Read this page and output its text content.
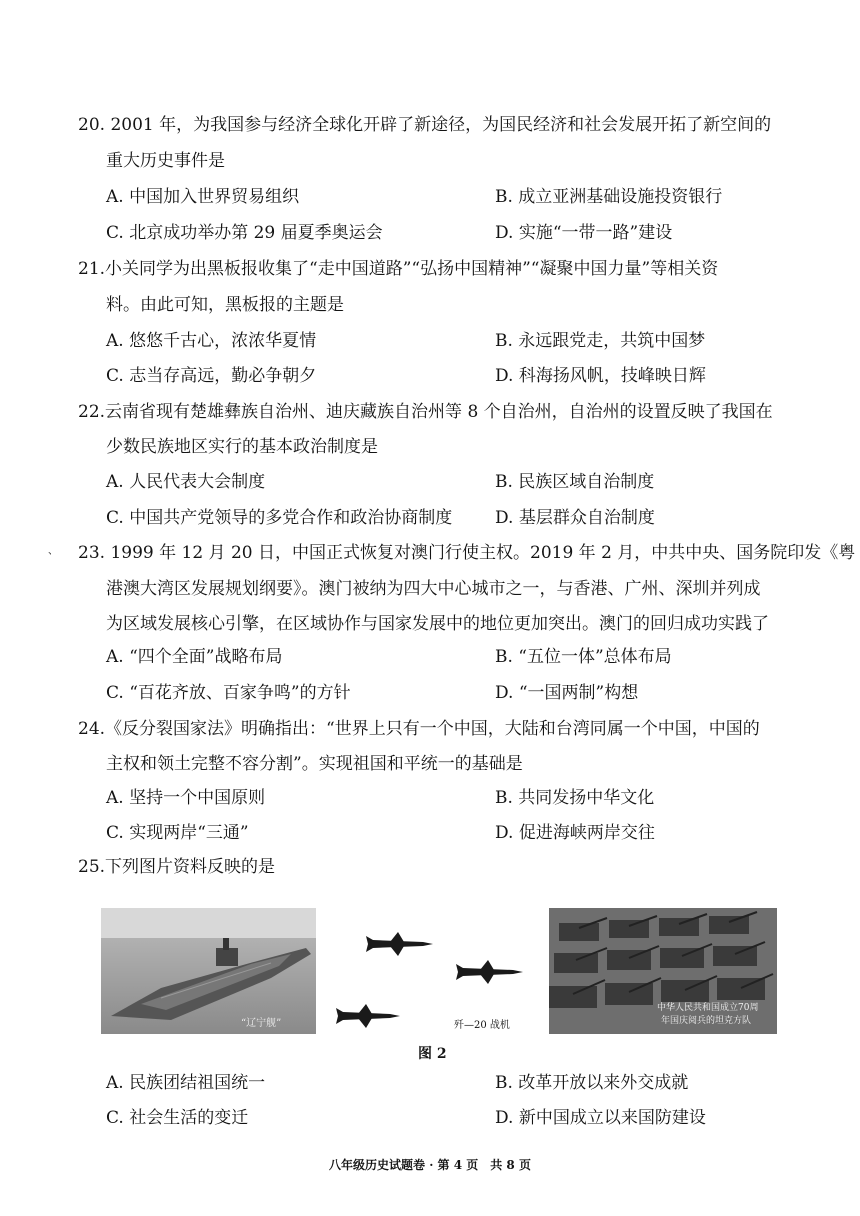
20. 2001 年，为我国参与经济全球化开辟了新途径，为国民经济和社会发展开拓了新空间的
重大历史事件是
A. 中国加入世界贸易组织	B. 成立亚洲基础设施投资银行
C. 北京成功举办第 29 届夏季奥运会	D. 实施“一带一路”建设
21.小关同学为出黑板报收集了“走中国道路”“弘扬中国精神”“凝聚中国力量”等相关资
料。由此可知，黑板报的主题是
A. 悠悠千古心，浓浓华夏情	B. 永远跟党走，共筑中国梦
C. 志当存高远，勤必争朝夕	D. 科海扬风帆，技峰映日辉
22.云南省现有楚雄彝族自治州、迪庆藏族自治州等 8 个自治州，自治州的设置反映了我国在
少数民族地区实行的基本政治制度是
A. 人民代表大会制度	B. 民族区域自治制度
C. 中国共产党领导的多党合作和政治协商制度	D. 基层群众自治制度
、 23. 1999 年 12 月 20 日，中国正式恢复对澳门行使主权。2019 年 2 月，中共中央、国务院印发《粤
港澳大湾区发展规划纲要》。澳门被纳为四大中心城市之一，与香港、广州、深圳并列成
为区域发展核心引擎，在区域协作与国家发展中的地位更加突出。澳门的回归成功实践了
A. “四个全面”战略布局	B. “五位一体”总体布局
C. “百花齐放、百家争鸣”的方针	D. “一国两制”构想
24.《反分裂国家法》明确指出：“世界上只有一个中国，大陆和台湾同属一个中国，中国的
主权和领土完整不容分割”。实现祖国和平统一的基础是
A. 坚持一个中国原则	B. 共同发扬中华文化
C. 实现两岸“三通”	D. 促进海峡两岸交往
25.下列图片资料反映的是
“辽宁舰”	歼—20 战机
中华人民共和国成立70周
年国庆阅兵的坦克方队
图 2
A. 民族团结祖国统一	B. 改革开放以来外交成就
C. 社会生活的变迁	D. 新中国成立以来国防建设
八年级历史试题卷 · 第 4 页　共 8 页
